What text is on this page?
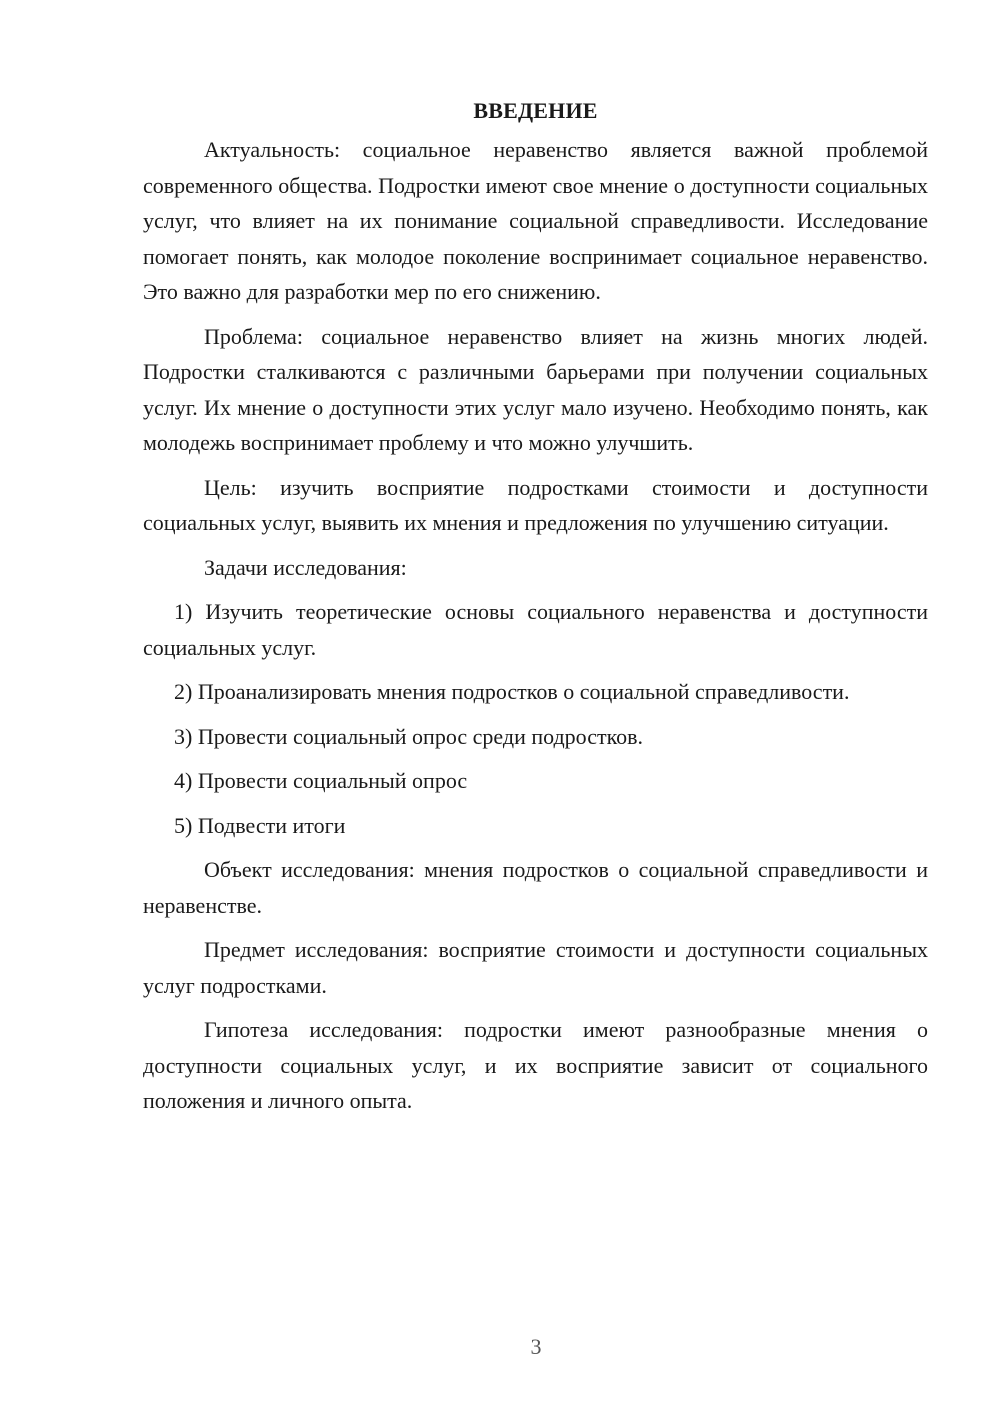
ВВЕДЕНИЕ

Актуальность: социальное неравенство является важной проблемой современного общества. Подростки имеют свое мнение о доступности социальных услуг, что влияет на их понимание социальной справедливости. Исследование помогает понять, как молодое поколение воспринимает социальное неравенство. Это важно для разработки мер по его снижению.

Проблема: социальное неравенство влияет на жизнь многих людей. Подростки сталкиваются с различными барьерами при получении социальных услуг. Их мнение о доступности этих услуг мало изучено. Необходимо понять, как молодежь воспринимает проблему и что можно улучшить.

Цель: изучить восприятие подростками стоимости и доступности социальных услуг, выявить их мнения и предложения по улучшению ситуации.

Задачи исследования:

1) Изучить теоретические основы социального неравенства и доступности социальных услуг.

2) Проанализировать мнения подростков о социальной справедливости.

3) Провести социальный опрос среди подростков.

4) Провести социальный опрос

5) Подвести итоги

Объект исследования: мнения подростков о социальной справедливости и неравенстве.

Предмет исследования: восприятие стоимости и доступности социальных услуг подростками.

Гипотеза исследования: подростки имеют разнообразные мнения о доступности социальных услуг, и их восприятие зависит от социального положения и личного опыта.

3
